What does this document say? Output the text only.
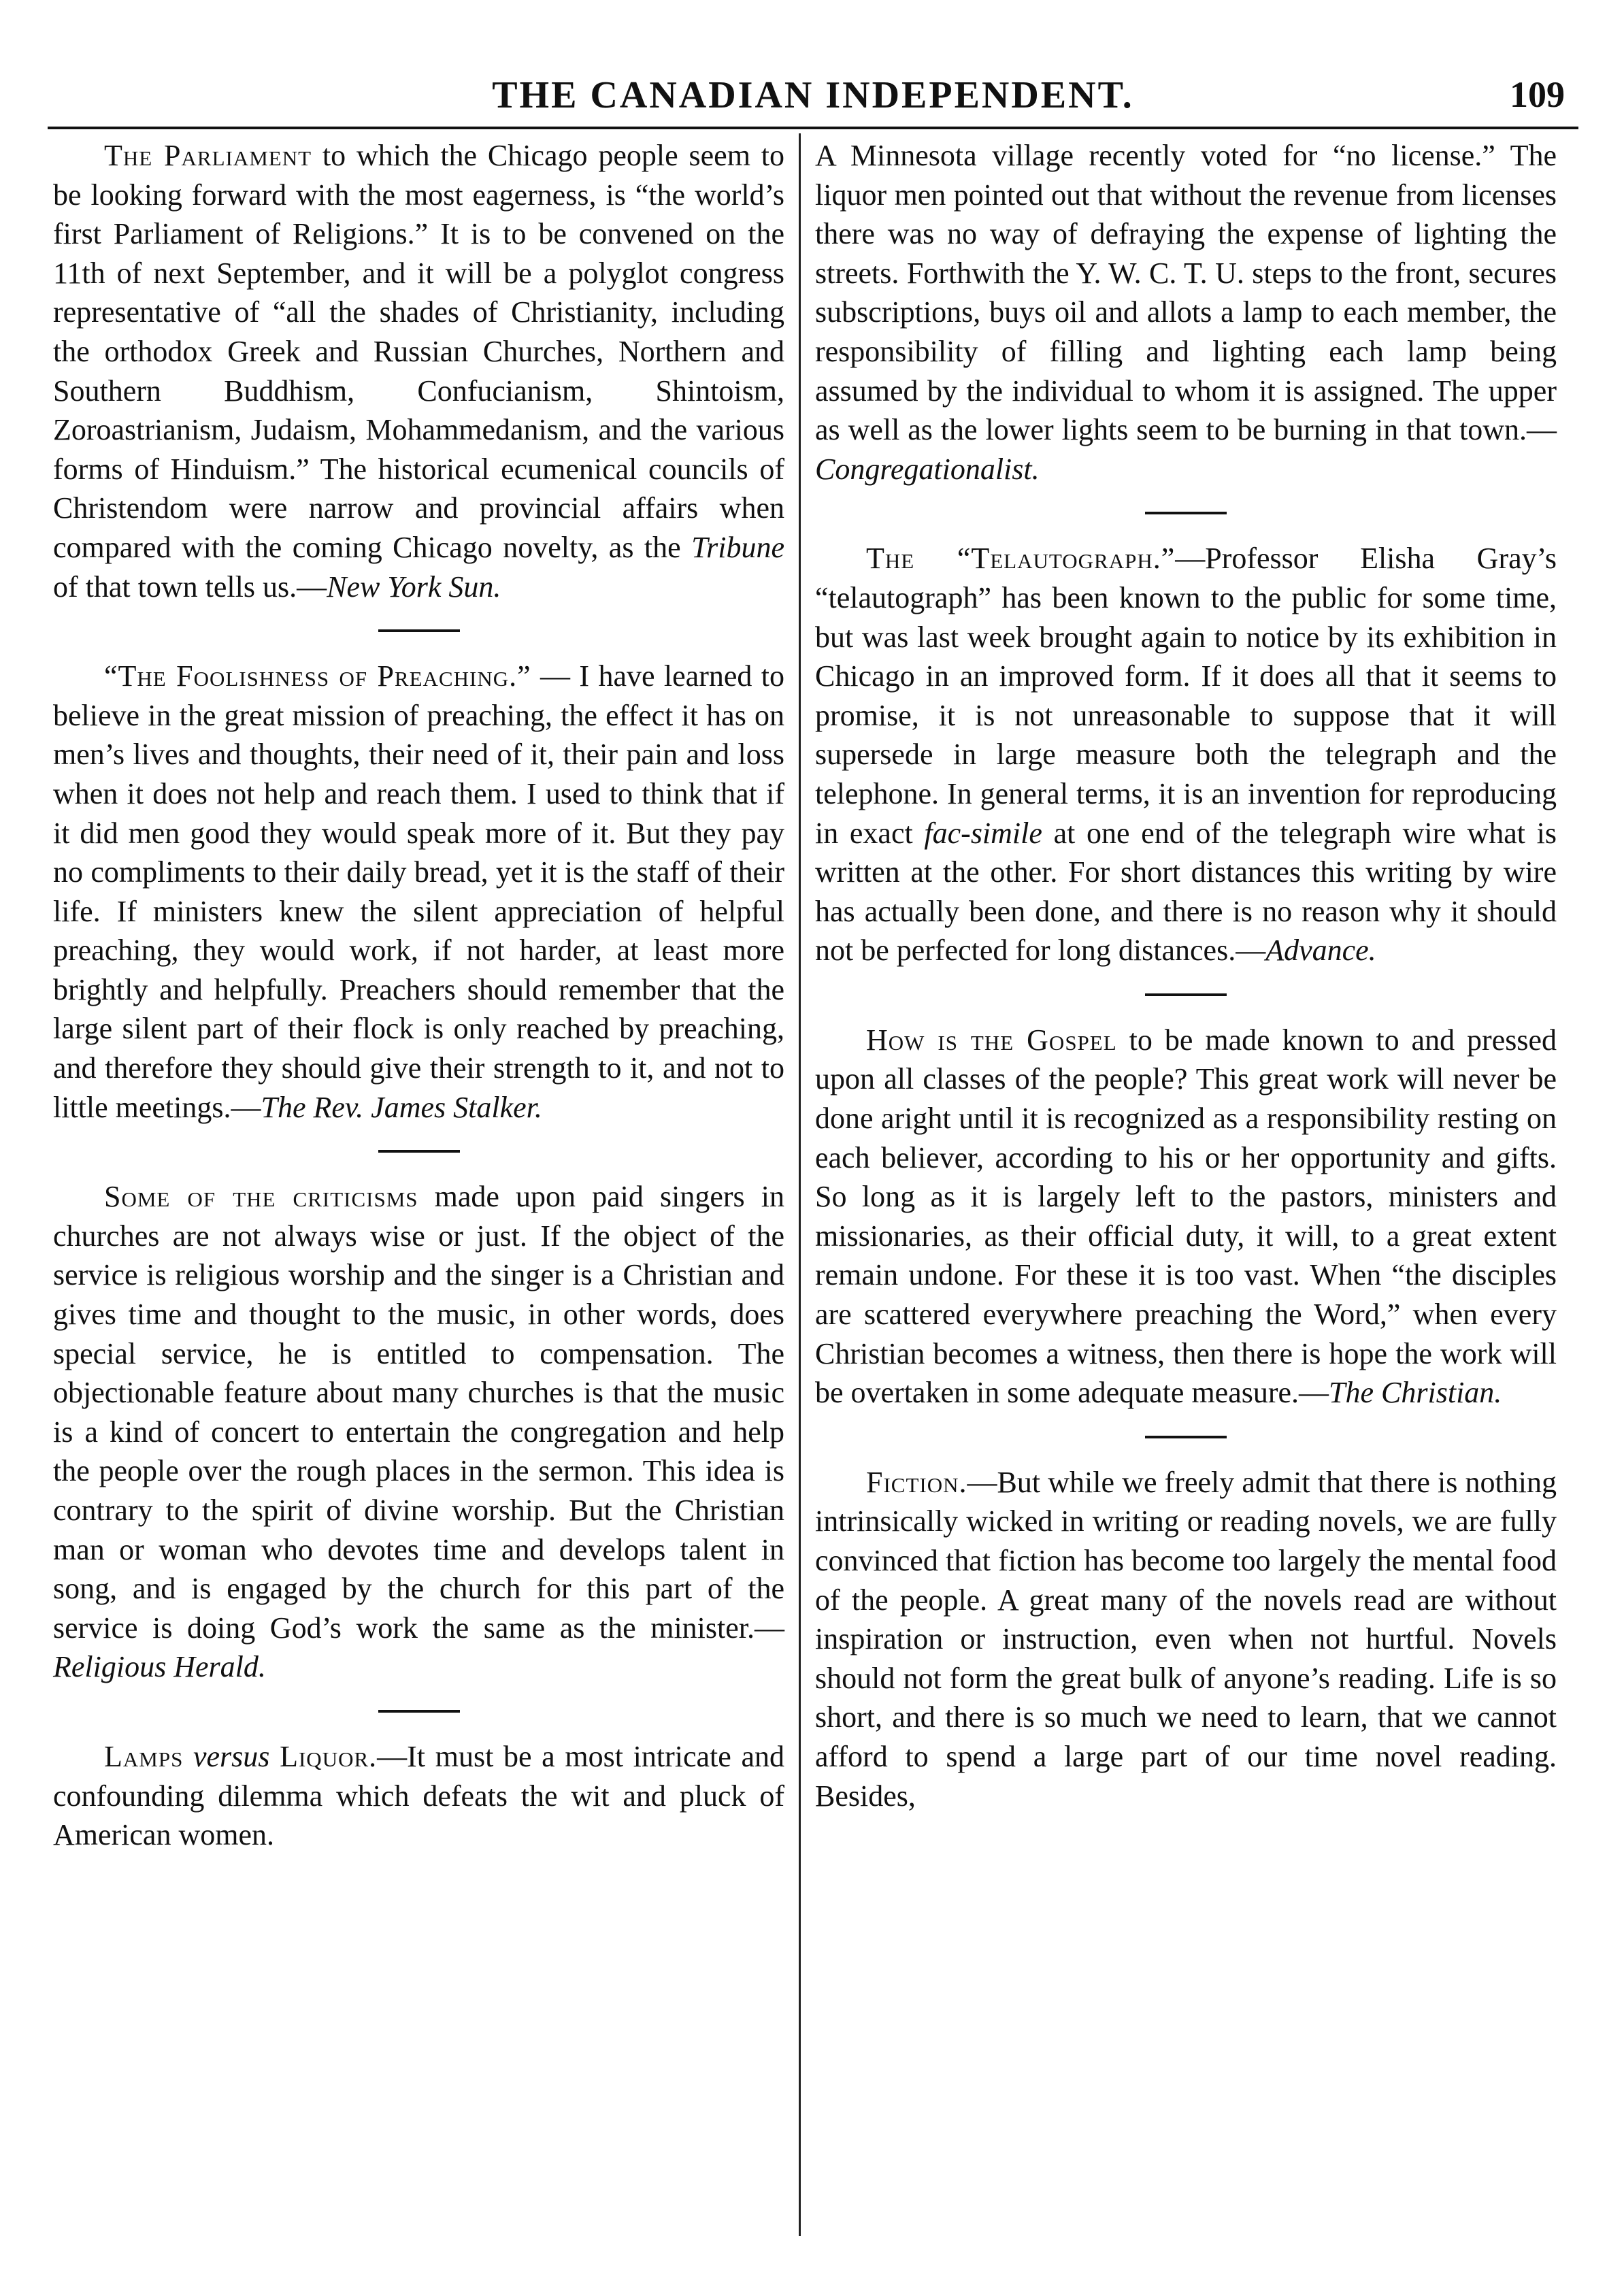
THE CANADIAN INDEPENDENT.	109

The Parliament to which the Chicago people seem to be looking forward with the most eagerness, is “the world’s first Parliament of Religions.” It is to be convened on the 11th of next September, and it will be a polyglot congress representative of “all the shades of Christianity, including the orthodox Greek and Russian Churches, Northern and Southern Buddhism, Confucianism, Shintoism, Zoroastrianism, Judaism, Mohammedanism, and the various forms of Hinduism.” The historical ecumenical councils of Christendom were narrow and provincial affairs when compared with the coming Chicago novelty, as the Tribune of that town tells us.—New York Sun.

“The Foolishness of Preaching.” — I have learned to believe in the great mission of preaching, the effect it has on men’s lives and thoughts, their need of it, their pain and loss when it does not help and reach them. I used to think that if it did men good they would speak more of it. But they pay no compliments to their daily bread, yet it is the staff of their life. If ministers knew the silent appreciation of helpful preaching, they would work, if not harder, at least more brightly and helpfully. Preachers should remember that the large silent part of their flock is only reached by preaching, and therefore they should give their strength to it, and not to little meetings.—The Rev. James Stalker.

Some of the criticisms made upon paid singers in churches are not always wise or just. If the object of the service is religious worship and the singer is a Christian and gives time and thought to the music, in other words, does special service, he is entitled to compensation. The objectionable feature about many churches is that the music is a kind of concert to entertain the congregation and help the people over the rough places in the sermon. This idea is contrary to the spirit of divine worship. But the Christian man or woman who devotes time and develops talent in song, and is engaged by the church for this part of the service is doing God’s work the same as the minister.—Religious Herald.

Lamps versus Liquor.—It must be a most intricate and confounding dilemma which defeats the wit and pluck of American women.

A Minnesota village recently voted for “no license.” The liquor men pointed out that without the revenue from licenses there was no way of defraying the expense of lighting the streets. Forthwith the Y. W. C. T. U. steps to the front, secures subscriptions, buys oil and allots a lamp to each member, the responsibility of filling and lighting each lamp being assumed by the individual to whom it is assigned. The upper as well as the lower lights seem to be burning in that town.—Congregationalist.

The “Telautograph.”—Professor Elisha Gray’s “telautograph” has been known to the public for some time, but was last week brought again to notice by its exhibition in Chicago in an improved form. If it does all that it seems to promise, it is not unreasonable to suppose that it will supersede in large measure both the telegraph and the telephone. In general terms, it is an invention for reproducing in exact fac-simile at one end of the telegraph wire what is written at the other. For short distances this writing by wire has actually been done, and there is no reason why it should not be perfected for long distances.—Advance.

How is the Gospel to be made known to and pressed upon all classes of the people? This great work will never be done aright until it is recognized as a responsibility resting on each believer, according to his or her opportunity and gifts. So long as it is largely left to the pastors, ministers and missionaries, as their official duty, it will, to a great extent remain undone. For these it is too vast. When “the disciples are scattered everywhere preaching the Word,” when every Christian becomes a witness, then there is hope the work will be overtaken in some adequate measure.—The Christian.

Fiction.—But while we freely admit that there is nothing intrinsically wicked in writing or reading novels, we are fully convinced that fiction has become too largely the mental food of the people. A great many of the novels read are without inspiration or instruction, even when not hurtful. Novels should not form the great bulk of anyone’s reading. Life is so short, and there is so much we need to learn, that we cannot afford to spend a large part of our time novel reading. Besides,
